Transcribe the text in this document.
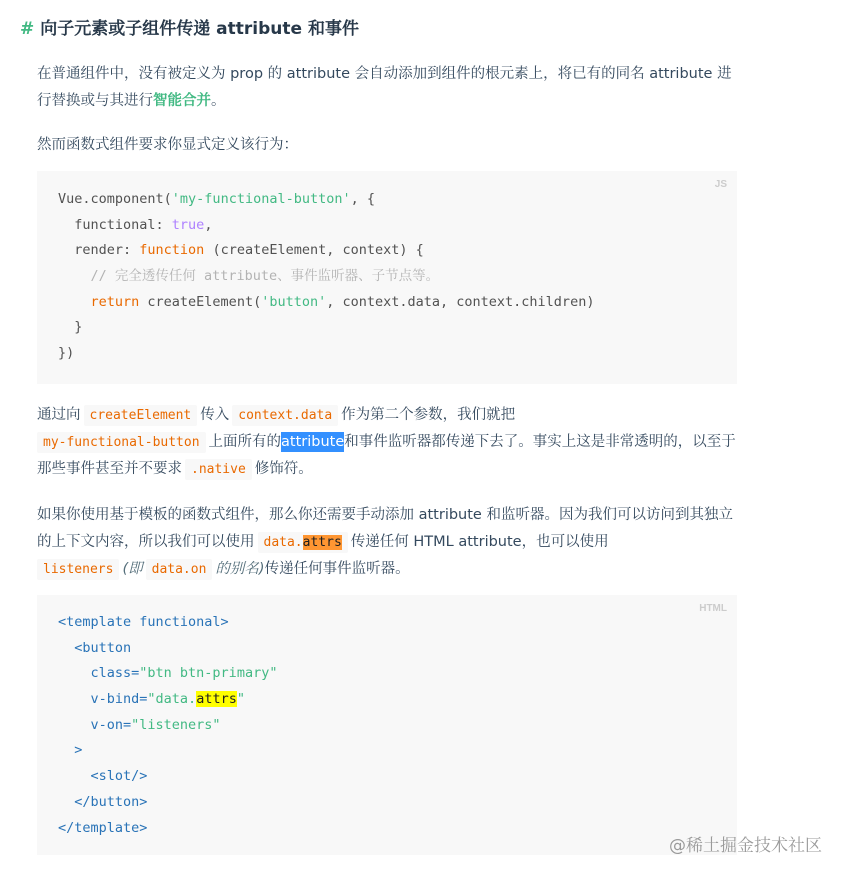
# 向子元素或子组件传递 attribute 和事件
在普通组件中，没有被定义为 prop 的 attribute 会自动添加到组件的根元素上，将已有的同名 attribute 进行替换或与其进行智能合并。
然而函数式组件要求你显式定义该行为：
JS
Vue.component('my-functional-button', {
functional: true,
render: function (createElement, context) {
// 完全透传任何 attribute、事件监听器、子节点等。
return createElement('button', context.data, context.children)
}
})
通过向 createElement 传入 context.data 作为第二个参数，我们就把
my-functional-button 上面所有的attribute和事件监听器都传递下去了。事实上这是非常透明的，以至于那些事件甚至并不要求 .native 修饰符。
如果你使用基于模板的函数式组件，那么你还需要手动添加 attribute 和监听器。因为我们可以访问到其独立的上下文内容，所以我们可以使用 data.attrs 传递任何 HTML attribute，也可以使用
listeners (即 data.on 的别名)传递任何事件监听器。
HTML
<template functional>
<button
class="btn btn-primary"
v-bind="data.attrs"
v-on="listeners"
>
<slot/>
</button>
</template>
@稀土掘金技术社区
